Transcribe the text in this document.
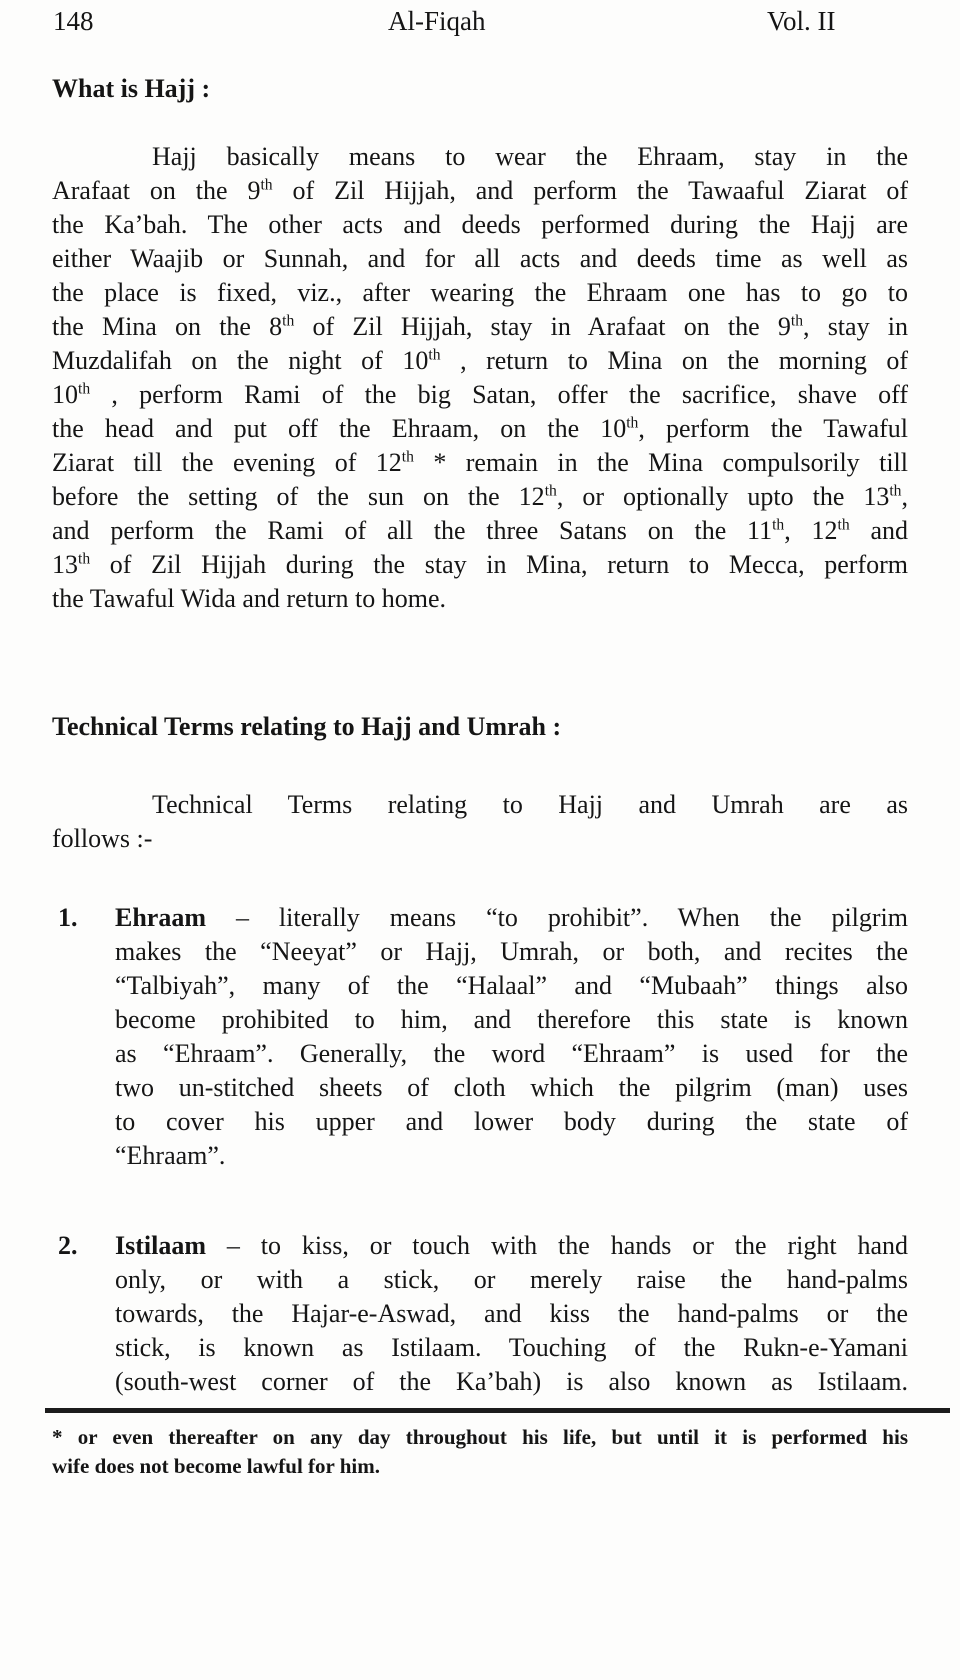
148	Al-Fiqah	Vol. II
What is Hajj :
Hajj basically means to wear the Ehraam, stay in the
Arafaat on the 9th of Zil Hijjah, and perform the Tawaaful Ziarat of
the Ka’bah. The other acts and deeds performed during the Hajj are
either Waajib or Sunnah, and for all acts and deeds time as well as
the place is fixed, viz., after wearing the Ehraam one has to go to
the Mina on the 8th of Zil Hijjah, stay in Arafaat on the 9th, stay in
Muzdalifah on the night of 10th , return to Mina on the morning of
10th , perform Rami of the big Satan, offer the sacrifice, shave off
the head and put off the Ehraam, on the 10th, perform the Tawaful
Ziarat till the evening of 12th * remain in the Mina compulsorily till
before the setting of the sun on the 12th, or optionally upto the 13th,
and perform the Rami of all the three Satans on the 11th, 12th and
13th of Zil Hijjah during the stay in Mina, return to Mecca, perform
the Tawaful Wida and return to home.
Technical Terms relating to Hajj and Umrah :
Technical Terms relating to Hajj and Umrah are as
follows :-
1. Ehraam – literally means “to prohibit”. When the pilgrim
makes the “Neeyat” or Hajj, Umrah, or both, and recites the
“Talbiyah”, many of the “Halaal” and “Mubaah” things also
become prohibited to him, and therefore this state is known
as “Ehraam”. Generally, the word “Ehraam” is used for the
two un-stitched sheets of cloth which the pilgrim (man) uses
to cover his upper and lower body during the state of
“Ehraam”.
2. Istilaam – to kiss, or touch with the hands or the right hand
only, or with a stick, or merely raise the hand-palms
towards, the Hajar-e-Aswad, and kiss the hand-palms or the
stick, is known as Istilaam. Touching of the Rukn-e-Yamani
(south-west corner of the Ka’bah) is also known as Istilaam.
* or even thereafter on any day throughout his life, but until it is performed his
wife does not become lawful for him.
